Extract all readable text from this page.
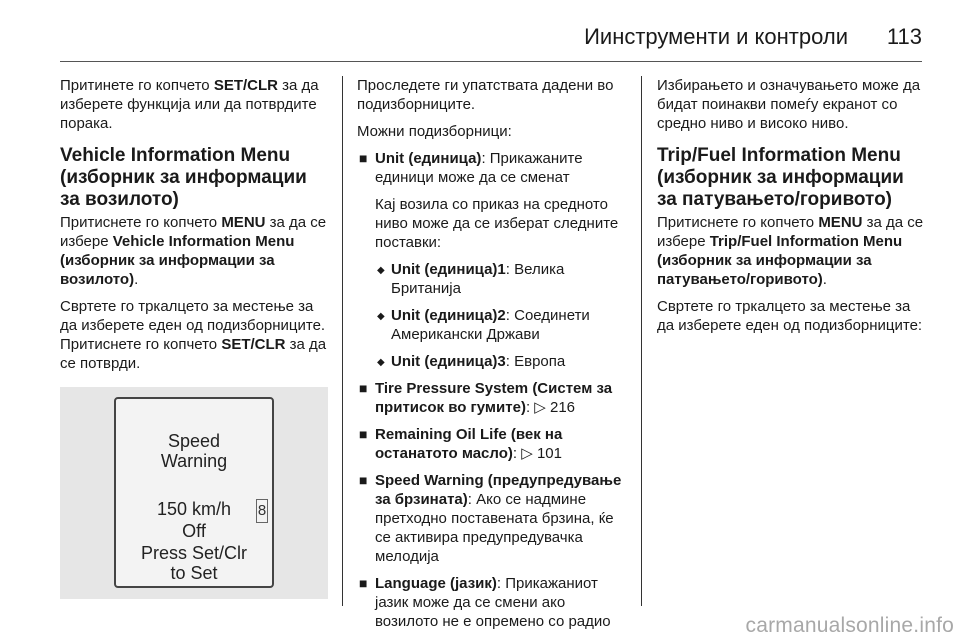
Иинструменти и контроли 113

Притинете го копчето SET/CLR за да изберете функција или да потврдите порака.

Vehicle Information Menu (изборник за информации за возилото)

Притиснете го копчето MENU за да се избере Vehicle Information Menu (изборник за информации за возилото).

Свртете го тркалцето за местење за да изберете еден од подизборниците. Притиснете го копчето SET/CLR за да се потврди.

Speed
Warning
150 km/h
Off
Press Set/Clr
to Set
8

Проследете ги упатствата дадени во подизборниците.

Можни подизборници:

■ Unit (единица): Прикажаните единици може да се сменат
Кај возила со приказ на средното ниво може да се изберат следните поставки:
◆ Unit (единица)1: Велика Британија
◆ Unit (единица)2: Соединети Американски Држави
◆ Unit (единица)3: Европа
■ Tire Pressure System (Систем за притисок во гумите): ▷ 216
■ Remaining Oil Life (век на останатото масло): ▷ 101
■ Speed Warning (предупредување за брзината): Ако се надмине претходно поставената брзина, ќе се активира предупредувачка мелодија
■ Language (јазик): Прикажаниот јазик може да се смени ако возилото не е опремено со радио

Избирањето и означувањето може да бидат поинакви помеѓу екранот со средно ниво и високо ниво.

Trip/Fuel Information Menu (изборник за информации за патувањето/горивото)

Притиснете го копчето MENU за да се избере Trip/Fuel Information Menu (изборник за информации за патувањето/горивото).

Свртете го тркалцето за местење за да изберете еден од подизборниците:

carmanualsonline.info
